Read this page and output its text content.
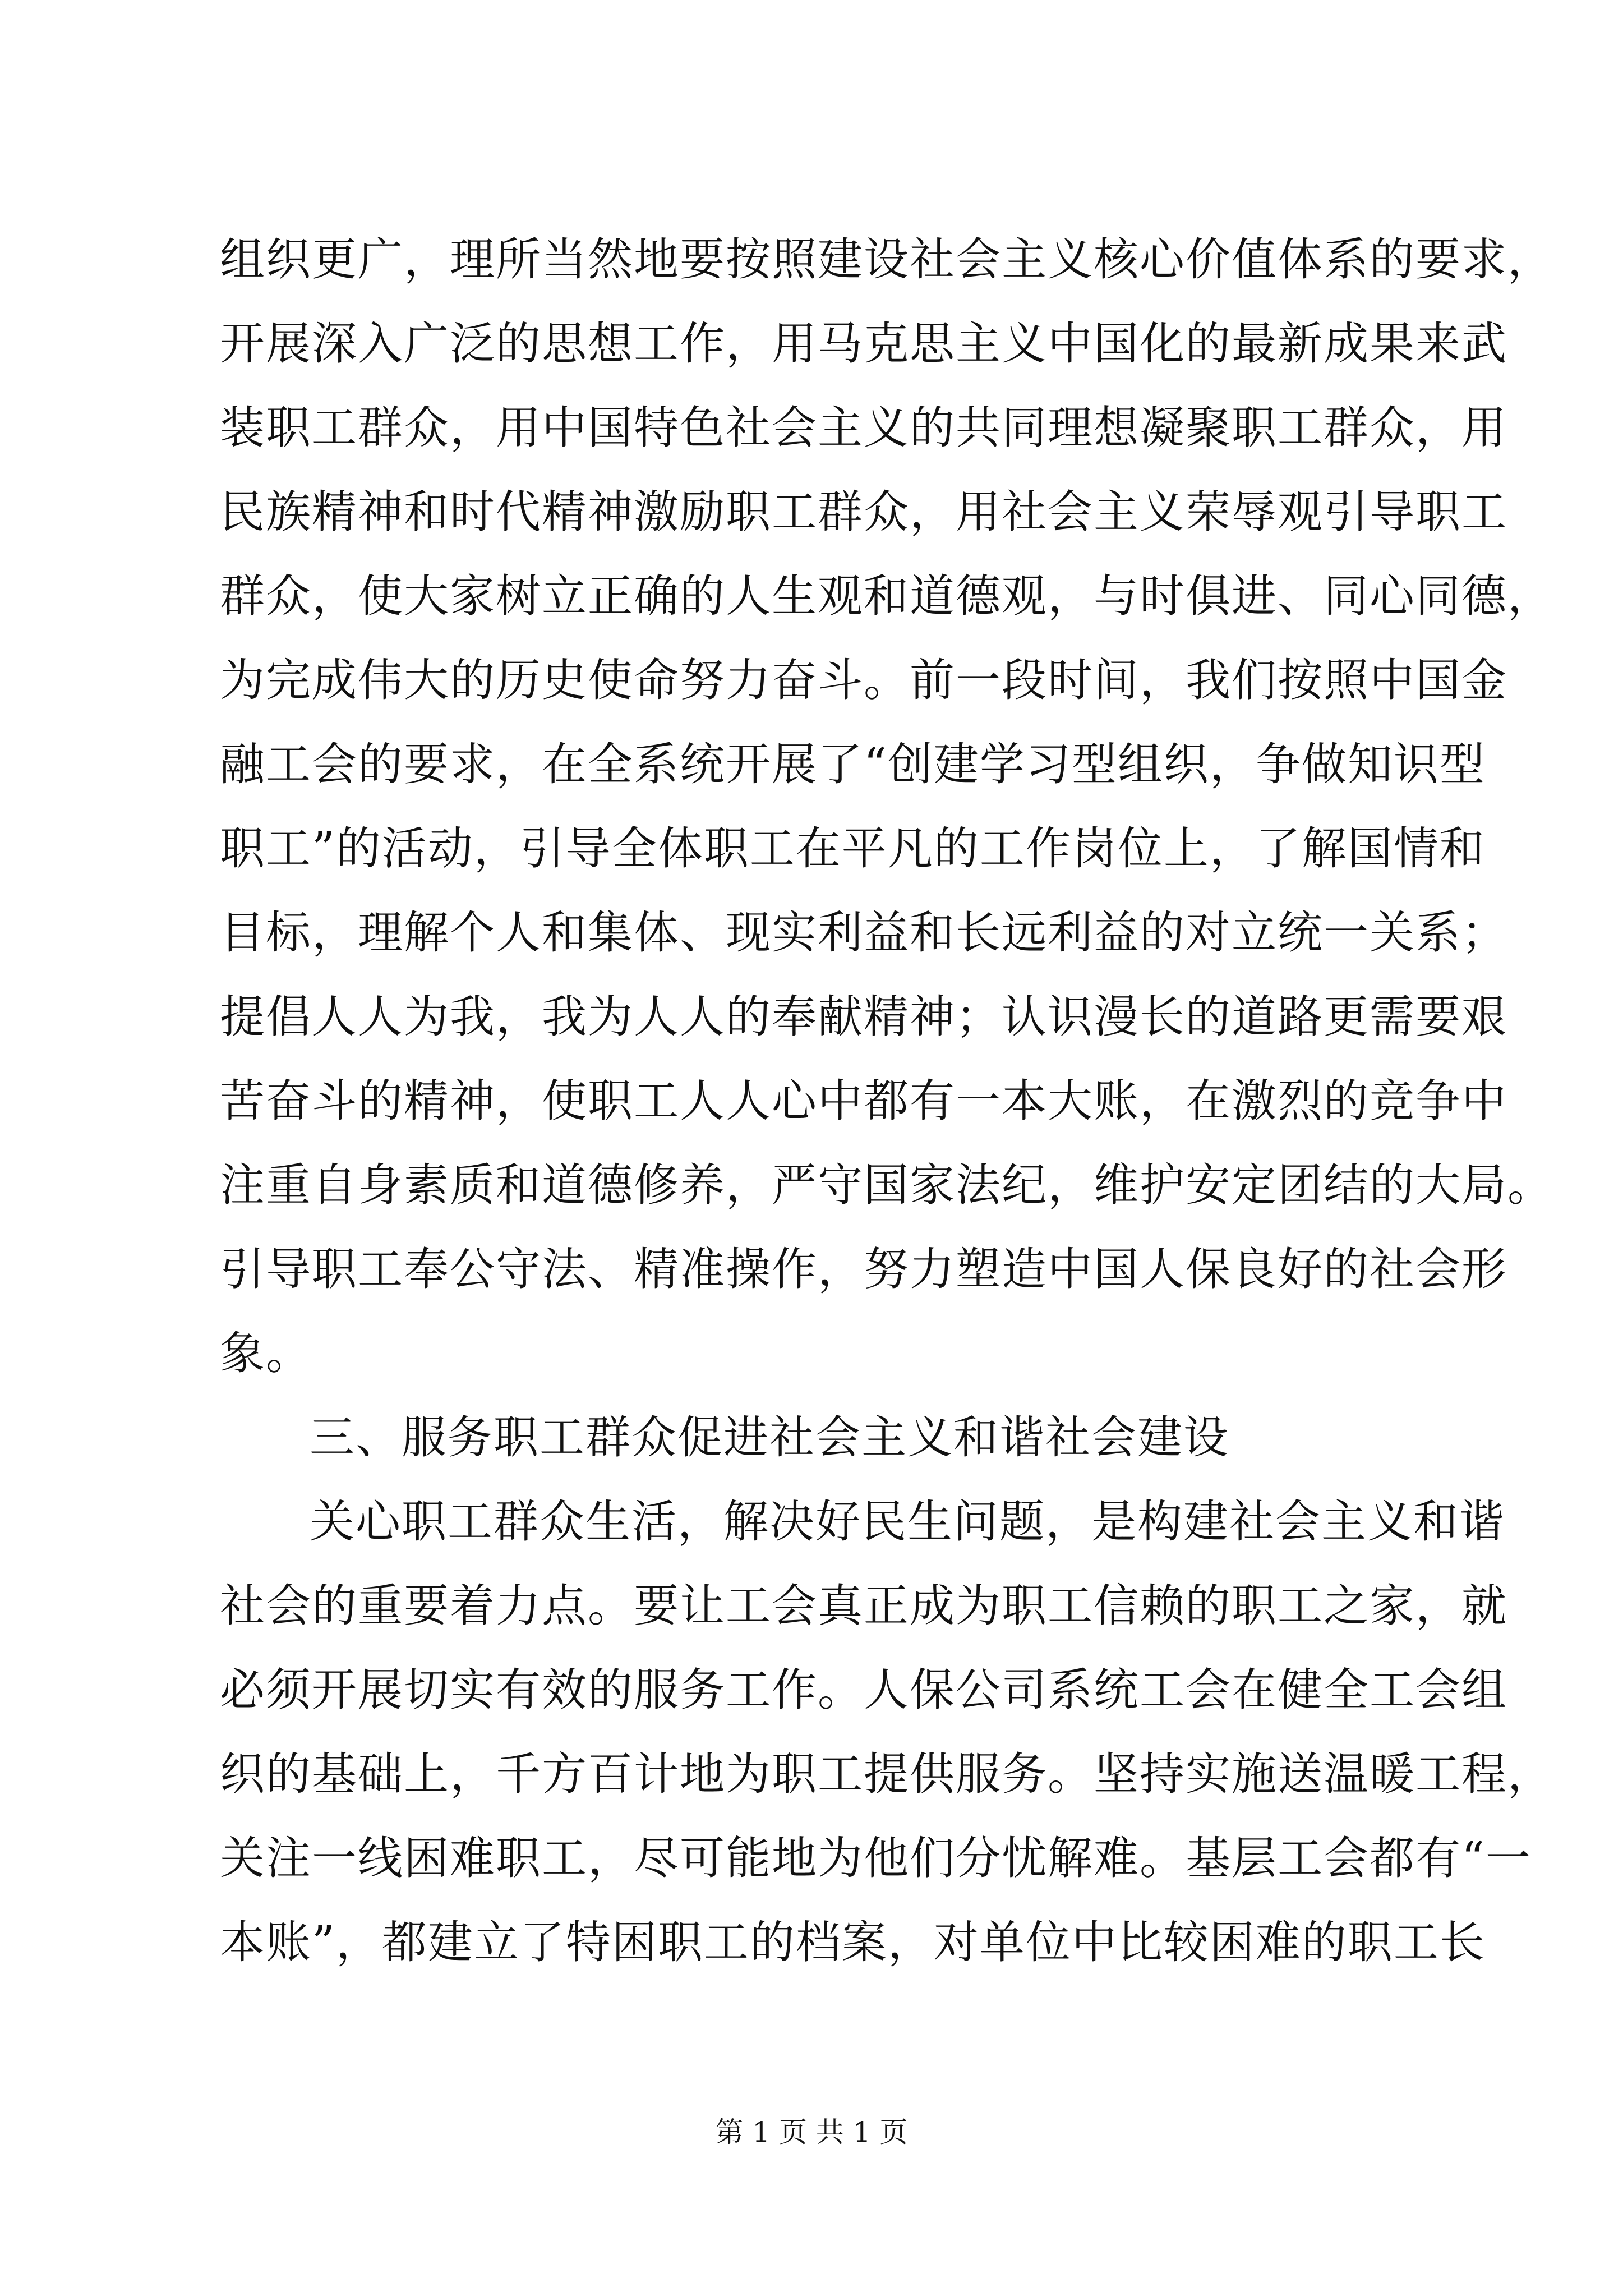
组织更广，理所当然地要按照建设社会主义核心价值体系的要求，
开展深入广泛的思想工作，用马克思主义中国化的最新成果来武
装职工群众，用中国特色社会主义的共同理想凝聚职工群众，用
民族精神和时代精神激励职工群众，用社会主义荣辱观引导职工
群众，使大家树立正确的人生观和道德观，与时俱进、同心同德，
为完成伟大的历史使命努力奋斗。前一段时间，我们按照中国金
融工会的要求，在全系统开展了“创建学习型组织，争做知识型
职工”的活动，引导全体职工在平凡的工作岗位上，了解国情和
目标，理解个人和集体、现实利益和长远利益的对立统一关系；
提倡人人为我，我为人人的奉献精神；认识漫长的道路更需要艰
苦奋斗的精神，使职工人人心中都有一本大账，在激烈的竞争中
注重自身素质和道德修养，严守国家法纪，维护安定团结的大局。
引导职工奉公守法、精准操作，努力塑造中国人保良好的社会形
象。
三、服务职工群众促进社会主义和谐社会建设
关心职工群众生活，解决好民生问题，是构建社会主义和谐
社会的重要着力点。要让工会真正成为职工信赖的职工之家，就
必须开展切实有效的服务工作。人保公司系统工会在健全工会组
织的基础上，千方百计地为职工提供服务。坚持实施送温暖工程，
关注一线困难职工，尽可能地为他们分忧解难。基层工会都有“一
本账”，都建立了特困职工的档案，对单位中比较困难的职工长
第 1 页 共 1 页
